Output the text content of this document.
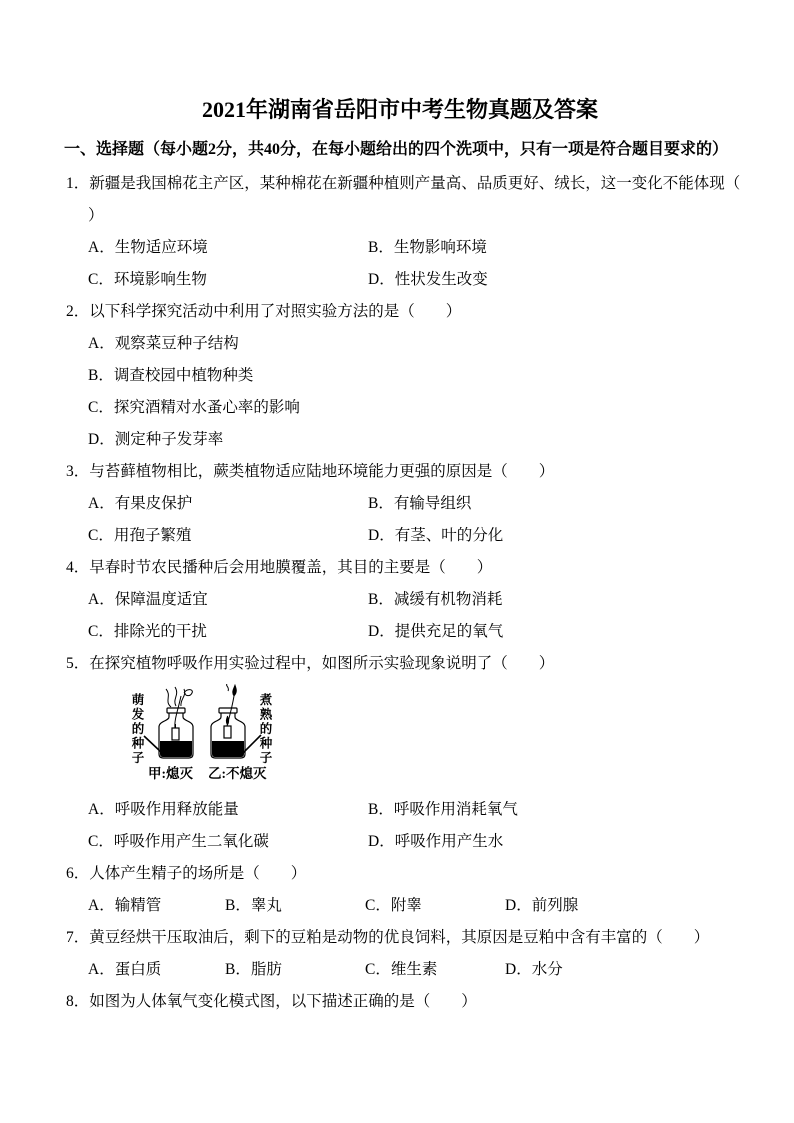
2021年湖南省岳阳市中考生物真题及答案
一、选择题（每小题2分，共40分，在每小题给出的四个洗项中，只有一项是符合题目要求的）

1．新疆是我国棉花主产区，某种棉花在新疆种植则产量高、品质更好、绒长，这一变化不能体现（

）

A．生物适应环境	B．生物影响环境

C．环境影响生物	D．性状发生改变

2．以下科学探究活动中利用了对照实验方法的是（　　）

A．观察菜豆种子结构

B．调查校园中植物种类

C．探究酒精对水蚤心率的影响

D．测定种子发芽率

3．与苔藓植物相比，蕨类植物适应陆地环境能力更强的原因是（　　）

A．有果皮保护	B．有输导组织

C．用孢子繁殖	D．有茎、叶的分化

4．早春时节农民播种后会用地膜覆盖，其目的主要是（　　）

A．保障温度适宜	B．减缓有机物消耗

C．排除光的干扰	D．提供充足的氧气

5．在探究植物呼吸作用实验过程中，如图所示实验现象说明了（　　）

萌发的种子	煮熟的种子
甲:熄灭 乙:不熄灭

A．呼吸作用释放能量	B．呼吸作用消耗氧气

C．呼吸作用产生二氧化碳	D．呼吸作用产生水

6．人体产生精子的场所是（　　）

A．输精管	B．睾丸	C．附睾	D．前列腺

7．黄豆经烘干压取油后，剩下的豆粕是动物的优良饲料，其原因是豆粕中含有丰富的（　　）

A．蛋白质	B．脂肪	C．维生素	D．水分

8．如图为人体氧气变化模式图，以下描述正确的是（　　）
